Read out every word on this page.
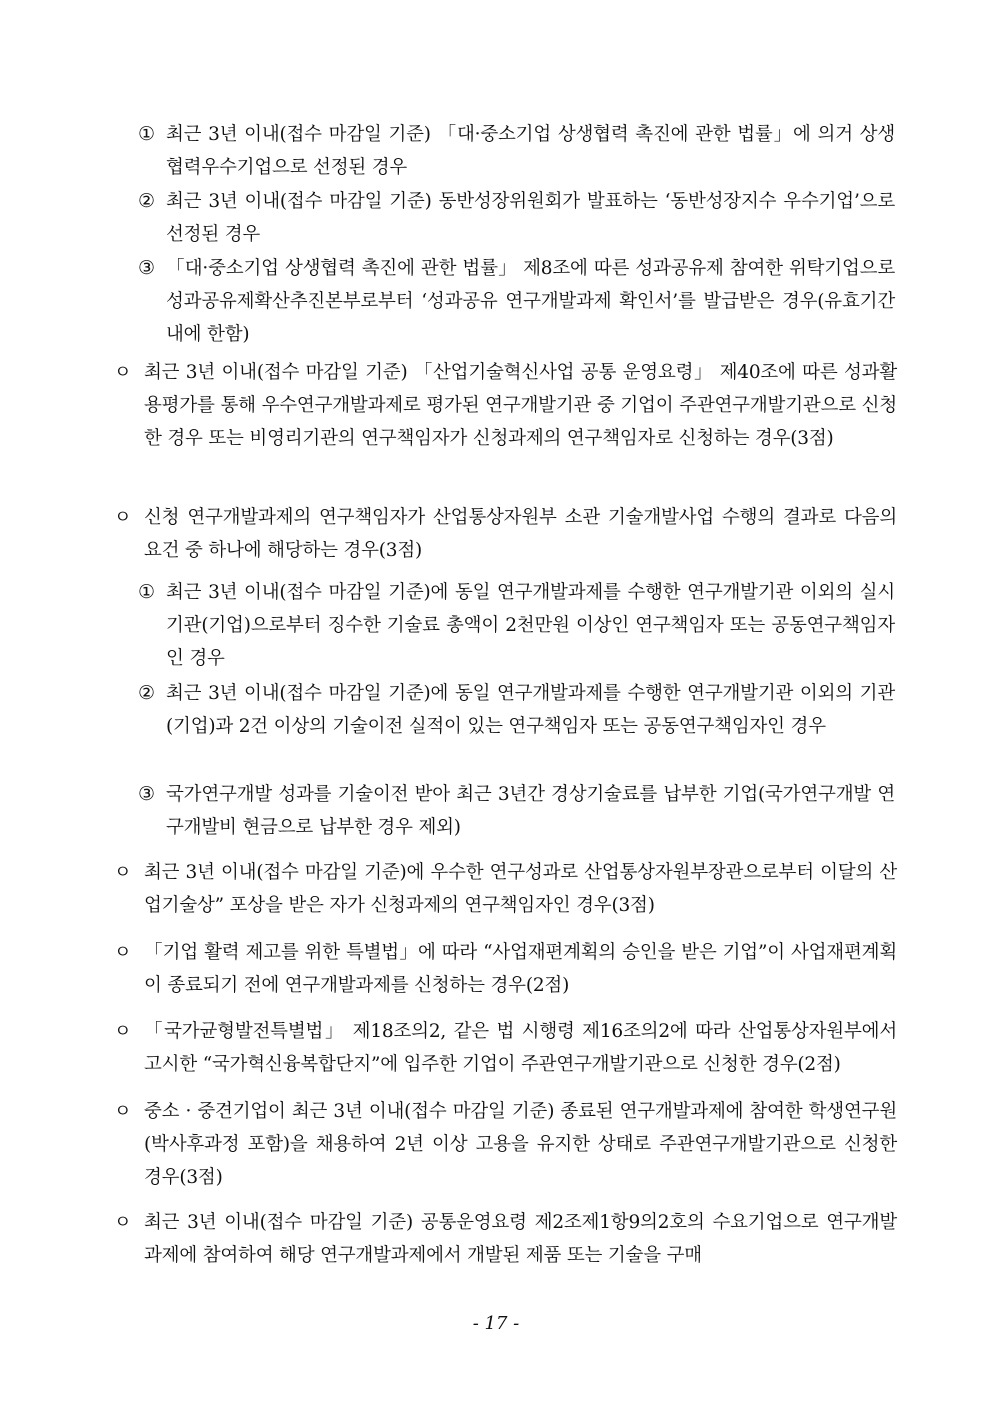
① 최근 3년 이내(접수 마감일 기준) 「대·중소기업 상생협력 촉진에 관한 법률」에 의거 상생협력우수기업으로 선정된 경우
② 최근 3년 이내(접수 마감일 기준) 동반성장위원회가 발표하는 ‘동반성장지수 우수기업’으로 선정된 경우
③ 「대·중소기업 상생협력 촉진에 관한 법률」 제8조에 따른 성과공유제 참여한 위탁기업으로 성과공유제확산추진본부로부터 ‘성과공유 연구개발과제 확인서’를 발급받은 경우(유효기간 내에 한함)
ㅇ 최근 3년 이내(접수 마감일 기준) 「산업기술혁신사업 공통 운영요령」 제40조에 따른 성과활용평가를 통해 우수연구개발과제로 평가된 연구개발기관 중 기업이 주관연구개발기관으로 신청한 경우 또는 비영리기관의 연구책임자가 신청과제의 연구책임자로 신청하는 경우(3점)
ㅇ 신청 연구개발과제의 연구책임자가 산업통상자원부 소관 기술개발사업 수행의 결과로 다음의 요건 중 하나에 해당하는 경우(3점)
① 최근 3년 이내(접수 마감일 기준)에 동일 연구개발과제를 수행한 연구개발기관 이외의 실시기관(기업)으로부터 징수한 기술료 총액이 2천만원 이상인 연구책임자 또는 공동연구책임자인 경우
② 최근 3년 이내(접수 마감일 기준)에 동일 연구개발과제를 수행한 연구개발기관 이외의 기관(기업)과 2건 이상의 기술이전 실적이 있는 연구책임자 또는 공동연구책임자인 경우
③ 국가연구개발 성과를 기술이전 받아 최근 3년간 경상기술료를 납부한 기업(국가연구개발 연구개발비 현금으로 납부한 경우 제외)
ㅇ 최근 3년 이내(접수 마감일 기준)에 우수한 연구성과로 산업통상자원부장관으로부터 이달의 산업기술상” 포상을 받은 자가 신청과제의 연구책임자인 경우(3점)
ㅇ 「기업 활력 제고를 위한 특별법」에 따라 “사업재편계획의 승인을 받은 기업”이 사업재편계획이 종료되기 전에 연구개발과제를 신청하는 경우(2점)
ㅇ 「국가균형발전특별법」 제18조의2, 같은 법 시행령 제16조의2에 따라 산업통상자원부에서 고시한 “국가혁신융복합단지”에 입주한 기업이 주관연구개발기관으로 신청한 경우(2점)
ㅇ 중소 · 중견기업이 최근 3년 이내(접수 마감일 기준) 종료된 연구개발과제에 참여한 학생연구원(박사후과정 포함)을 채용하여 2년 이상 고용을 유지한 상태로 주관연구개발기관으로 신청한 경우(3점)
ㅇ 최근 3년 이내(접수 마감일 기준) 공통운영요령 제2조제1항9의2호의 수요기업으로 연구개발과제에 참여하여 해당 연구개발과제에서 개발된 제품 또는 기술을 구매
- 17 -
